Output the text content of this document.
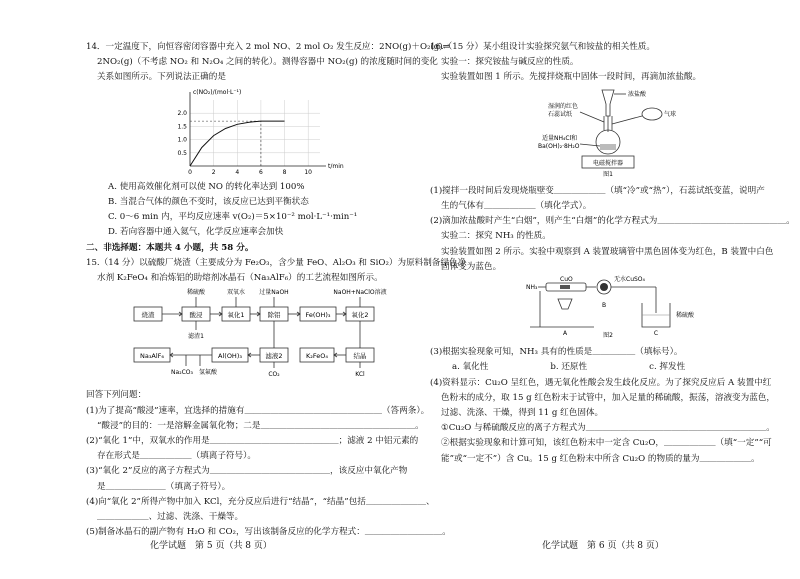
14．一定温度下，向恒容密闭容器中充入 2 mol NO、2 mol O₂ 发生反应：2NO(g)＋O₂(g)⇌
2NO₂(g)（不考虑 NO₂ 和 N₂O₄ 之间的转化）。测得容器中 NO₂(g) 的浓度随时间的变化
关系如图所示。下列说法正确的是
0	2	4	6	8	10
0.5
1.0
1.5
2.0
c(NO₂)/(mol·L⁻¹)
t/min
A. 使用高效催化剂可以使 NO 的转化率达到 100%
B. 当混合气体的颜色不变时，该反应已达到平衡状态
C. 0～6 min 内，平均反应速率 v(O₂)＝5×10⁻² mol·L⁻¹·min⁻¹
D. 若向容器中通入氦气，化学反应速率会加快
二、非选择题：本题共 4 小题，共 58 分。
15.（14 分）以硫酸厂烧渣（主要成分为 Fe₂O₃，含少量 FeO、Al₂O₃ 和 SiO₂）为原料制备绿色净
水剂 K₂FeO₄ 和冶炼铝的助熔剂冰晶石（Na₃AlF₆）的工艺流程如图所示。
稀硫酸	双氧水 过量NaOH	NaOH+NaClO溶液
烧渣	酸浸	氧化1	除铝	Fe(OH)₃	氧化2
滤渣1
Na₃AlF₆	Al(OH)₃	滤液2	K₂FeO₄	结晶
Na₂CO₃ 氢氟酸	CO₂	KCl
回答下列问题：
(1)为了提高“酸浸”速率，宜选择的措施有＿＿＿＿＿＿＿＿＿＿＿＿＿＿＿＿（答两条）。
“酸浸”的目的：一是溶解金属氧化物；二是＿＿＿＿＿＿＿＿＿＿＿＿＿＿＿＿＿＿。
(2)“氧化 1”中，双氧水的作用是＿＿＿＿＿＿＿＿＿＿＿＿＿＿＿；滤液 2 中铝元素的
存在形式是＿＿＿＿＿＿（填离子符号）。
(3)“氧化 2”反应的离子方程式为＿＿＿＿＿＿＿＿＿＿＿＿＿＿，该反应中氧化产物
是＿＿＿＿＿＿＿（填离子符号）。
(4)向“氧化 2”所得产物中加入 KCl，充分反应后进行“结晶”，“结晶”包括＿＿＿＿＿＿＿、
＿＿＿＿＿＿、过滤、洗涤、干燥等。
(5)制备冰晶石的副产物有 H₂O 和 CO₂，写出该制备反应的化学方程式：＿＿＿＿＿＿＿＿＿。
16.（15 分）某小组设计实验探究氨气和铵盐的相关性质。
实验一：探究铵盐与碱反应的性质。
实验装置如图 1 所示。先搅拌烧瓶中固体一段时间，再滴加浓盐酸。
浓盐酸
气球
湿润的红色
石蕊试纸
适量NH₄Cl和
Ba(OH)₂·8H₂O
电磁搅拌器
图1
(1)搅拌一段时间后发现烧瓶壁变＿＿＿＿＿＿（填“冷”或“热”），石蕊试纸变蓝，说明产
生的气体有＿＿＿＿＿＿（填化学式）。
(2)滴加浓盐酸时产生“白烟”，则产生“白烟”的化学方程式为＿＿＿＿＿＿＿＿＿＿＿＿＿＿＿。
实验二：探究 NH₃ 的性质。
实验装置如图 2 所示。实验中观察到 A 装置玻璃管中黑色固体变为红色，B 装置中白色
固体变为蓝色。
NH₃
CuO
A
B
无水CuSO₄
稀硫酸
C
图2
(3)根据实验现象可知，NH₃ 具有的性质是＿＿＿＿＿（填标号）。
a. 氧化性	b. 还原性	c. 挥发性
(4)资料显示：Cu₂O 呈红色，遇无氧化性酸会发生歧化反应。为了探究反应后 A 装置中红
色粉末的成分，取 15 g 红色粉末于试管中，加入足量的稀硫酸，振荡，溶液变为蓝色，
过滤、洗涤、干燥，得到 11 g 红色固体。
①Cu₂O 与稀硫酸反应的离子方程式为＿＿＿＿＿＿＿＿＿＿＿＿＿＿＿＿＿＿＿＿＿。
②根据实验现象和计算可知，该红色粉末中一定含 Cu₂O，＿＿＿＿＿＿（填“一定”“可
能”或“一定不”）含 Cu。15 g 红色粉末中所含 Cu₂O 的物质的量为＿＿＿＿＿＿。
化学试题　第 5 页（共 8 页）	化学试题　第 6 页（共 8 页）
